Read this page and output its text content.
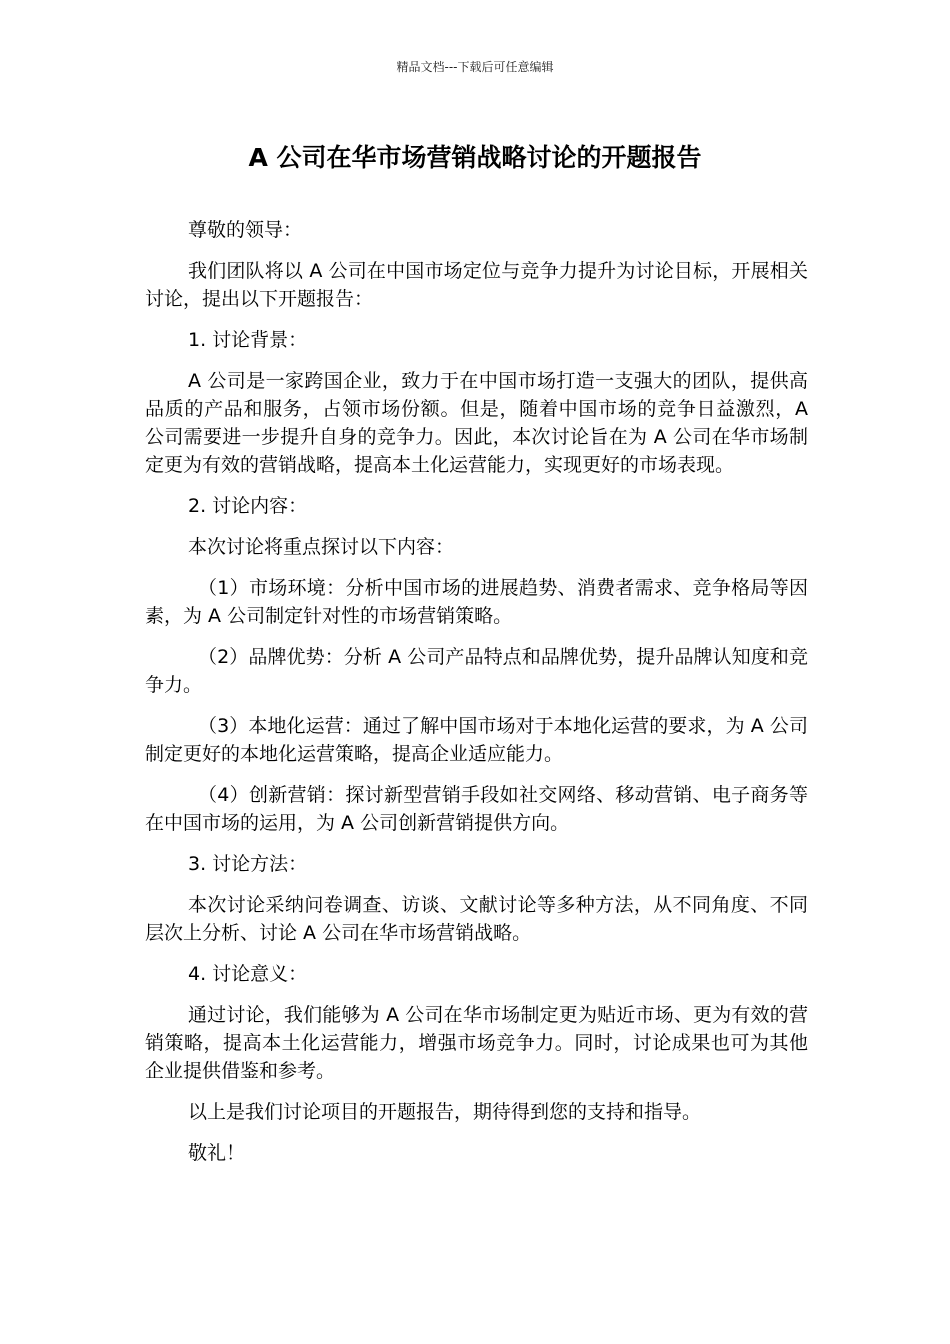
精品文档---下载后可任意编辑
A 公司在华市场营销战略讨论的开题报告

尊敬的领导：

我们团队将以 A 公司在中国市场定位与竞争力提升为讨论目标，开展相关讨论，提出以下开题报告：

1. 讨论背景：

A 公司是一家跨国企业，致力于在中国市场打造一支强大的团队，提供高品质的产品和服务，占领市场份额。但是，随着中国市场的竞争日益激烈，A 公司需要进一步提升自身的竞争力。因此，本次讨论旨在为 A 公司在华市场制定更为有效的营销战略，提高本土化运营能力，实现更好的市场表现。

2. 讨论内容：

本次讨论将重点探讨以下内容：

（1）市场环境：分析中国市场的进展趋势、消费者需求、竞争格局等因素，为 A 公司制定针对性的市场营销策略。

（2）品牌优势：分析 A 公司产品特点和品牌优势，提升品牌认知度和竞争力。

（3）本地化运营：通过了解中国市场对于本地化运营的要求，为 A 公司制定更好的本地化运营策略，提高企业适应能力。

（4）创新营销：探讨新型营销手段如社交网络、移动营销、电子商务等在中国市场的运用，为 A 公司创新营销提供方向。

3. 讨论方法：

本次讨论采纳问卷调查、访谈、文献讨论等多种方法，从不同角度、不同层次上分析、讨论 A 公司在华市场营销战略。

4. 讨论意义：

通过讨论，我们能够为 A 公司在华市场制定更为贴近市场、更为有效的营销策略，提高本土化运营能力，增强市场竞争力。同时，讨论成果也可为其他企业提供借鉴和参考。

以上是我们讨论项目的开题报告，期待得到您的支持和指导。

敬礼！
